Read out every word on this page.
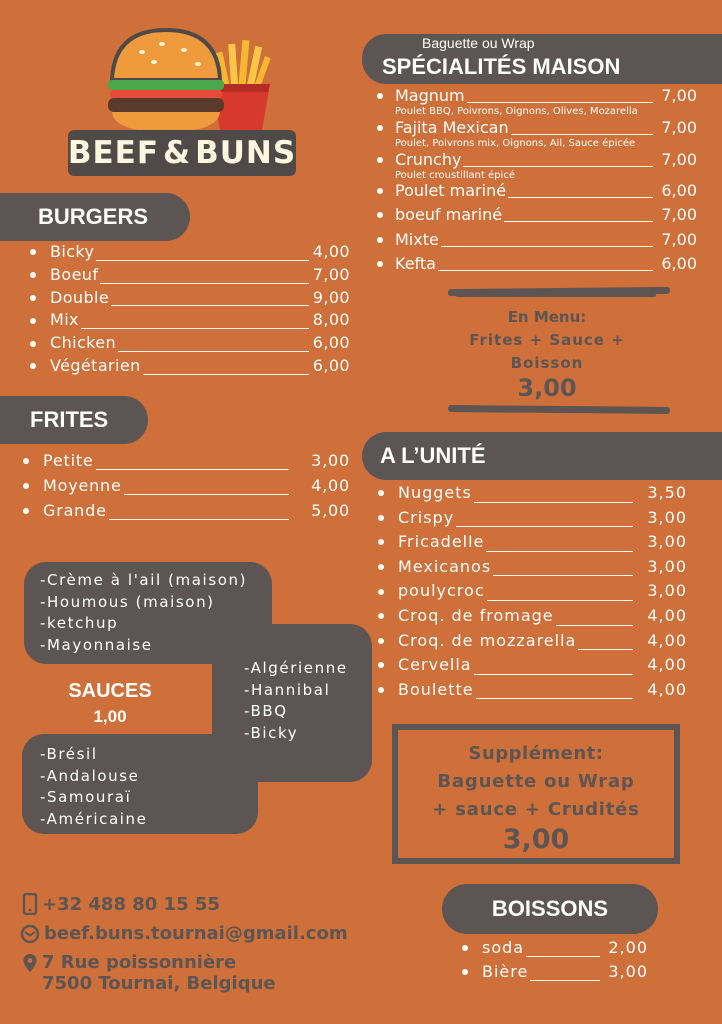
BEEF & BUNS
BURGERS
Bicky	4,00
Boeuf	7,00
Double	9,00
Mix	8,00
Chicken	6,00
Végétarien	6,00
FRITES
Petite	3,00
Moyenne	4,00
Grande	5,00
-Crème à l'ail (maison)
-Houmous (maison)
-ketchup
-Mayonnaise
-Algérienne
-Hannibal
-BBQ
-Bicky
-Brésil
-Andalouse
-Samouraï
-Américaine
SAUCES
1,00
Baguette ou Wrap
SPÉCIALITÉS MAISON
Magnum	7,00
Poulet BBQ, Poivrons, Oignons, Olives, Mozarella
Fajita Mexican	7,00
Poulet, Poivrons mix, Oignons, Ail, Sauce épicée
Crunchy	7,00
Poulet croustillant épicé
Poulet mariné	6,00
boeuf mariné	7,00
Mixte	7,00
Kefta	6,00
En Menu:
Frites + Sauce +
Boisson
3,00
A L’UNITÉ
Nuggets	3,50
Crispy	3,00
Fricadelle	3,00
Mexicanos	3,00
poulycroc	3,00
Croq. de fromage	4,00
Croq. de mozzarella	4,00
Cervella	4,00
Boulette	4,00
Supplément:
Baguette ou Wrap
+ sauce + Crudités
3,00
BOISSONS
soda	2,00
Bière	3,00
+32 488 80 15 55
beef.buns.tournai@gmail.com
7 Rue poissonnière
7500 Tournai, Belgique
